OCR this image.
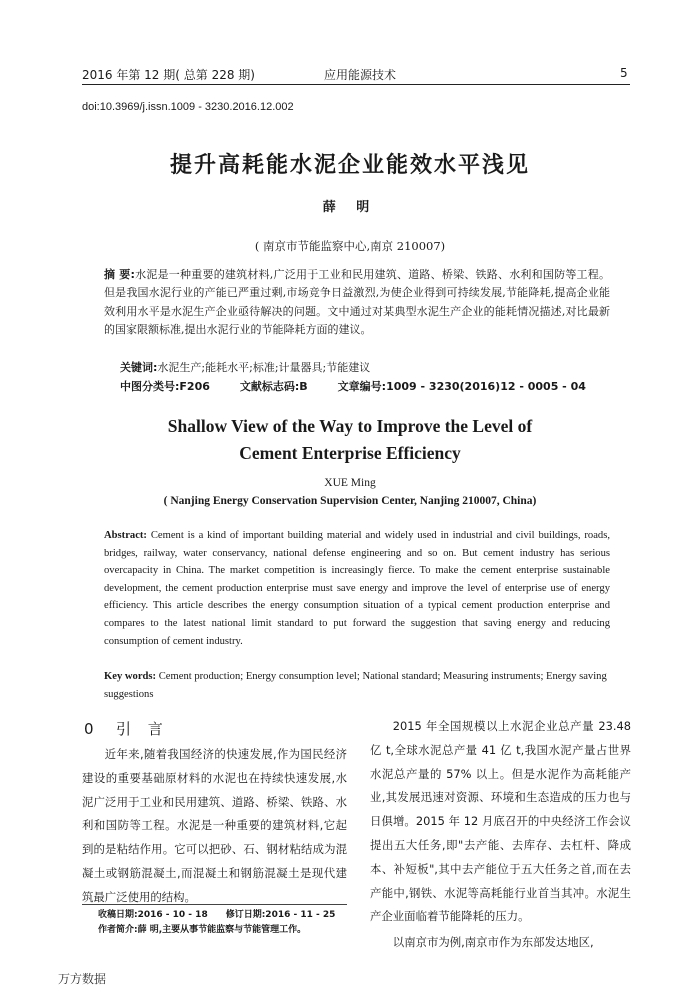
2016 年第 12 期( 总第 228 期)	应用能源技术	5
doi:10.3969/j.issn.1009 - 3230.2016.12.002
提升高耗能水泥企业能效水平浅见
薛 明
( 南京市节能监察中心,南京 210007)
摘 要:水泥是一种重要的建筑材料,广泛用于工业和民用建筑、道路、桥梁、铁路、水利和国防等工程。但是我国水泥行业的产能已严重过剩,市场竞争日益激烈,为使企业得到可持续发展,节能降耗,提高企业能效利用水平是水泥生产企业亟待解决的问题。文中通过对某典型水泥生产企业的能耗情况描述,对比最新的国家限额标准,提出水泥行业的节能降耗方面的建议。
关键词:水泥生产;能耗水平;标准;计量器具;节能建议
中图分类号:F206	文献标志码:B	文章编号:1009 - 3230(2016)12 - 0005 - 04
Shallow View of the Way to Improve the Level of Cement Enterprise Efficiency
XUE Ming
( Nanjing Energy Conservation Supervision Center, Nanjing 210007, China)
Abstract: Cement is a kind of important building material and widely used in industrial and civil buildings, roads, bridges, railway, water conservancy, national defense engineering and so on. But cement industry has serious overcapacity in China. The market competition is increasingly fierce. To make the cement enterprise sustainable development, the cement production enterprise must save energy and improve the level of enterprise use of energy efficiency. This article describes the energy consumption situation of a typical cement production enterprise and compares to the latest national limit standard to put forward the suggestion that saving energy and reducing consumption of cement industry.
Key words: Cement production; Energy consumption level; National standard; Measuring instruments; Energy saving suggestions
0 引 言

近年来,随着我国经济的快速发展,作为国民经济建设的重要基础原材料的水泥也在持续快速发展,水泥广泛用于工业和民用建筑、道路、桥梁、铁路、水利和国防等工程。水泥是一种重要的建筑材料,它起到的是粘结作用。它可以把砂、石、钢材粘结成为混凝土或钢筋混凝土,而混凝土和钢筋混凝土是现代建筑最广泛使用的结构。

2015 年全国规模以上水泥企业总产量 23.48 亿 t,全球水泥总产量 41 亿 t,我国水泥产量占世界水泥总产量的 57% 以上。但是水泥作为高耗能产业,其发展迅速对资源、环境和生态造成的压力也与日俱增。2015 年 12 月底召开的中央经济工作会议提出五大任务,即"去产能、去库存、去杠杆、降成本、补短板",其中去产能位于五大任务之首,而在去产能中,钢铁、水泥等高耗能行业首当其冲。水泥生产企业面临着节能降耗的压力。

以南京市为例,南京市作为东部发达地区,

收稿日期:2016 - 10 - 18 修订日期:2016 - 11 - 25
作者简介:薛 明,主要从事节能监察与节能管理工作。
万方数据
